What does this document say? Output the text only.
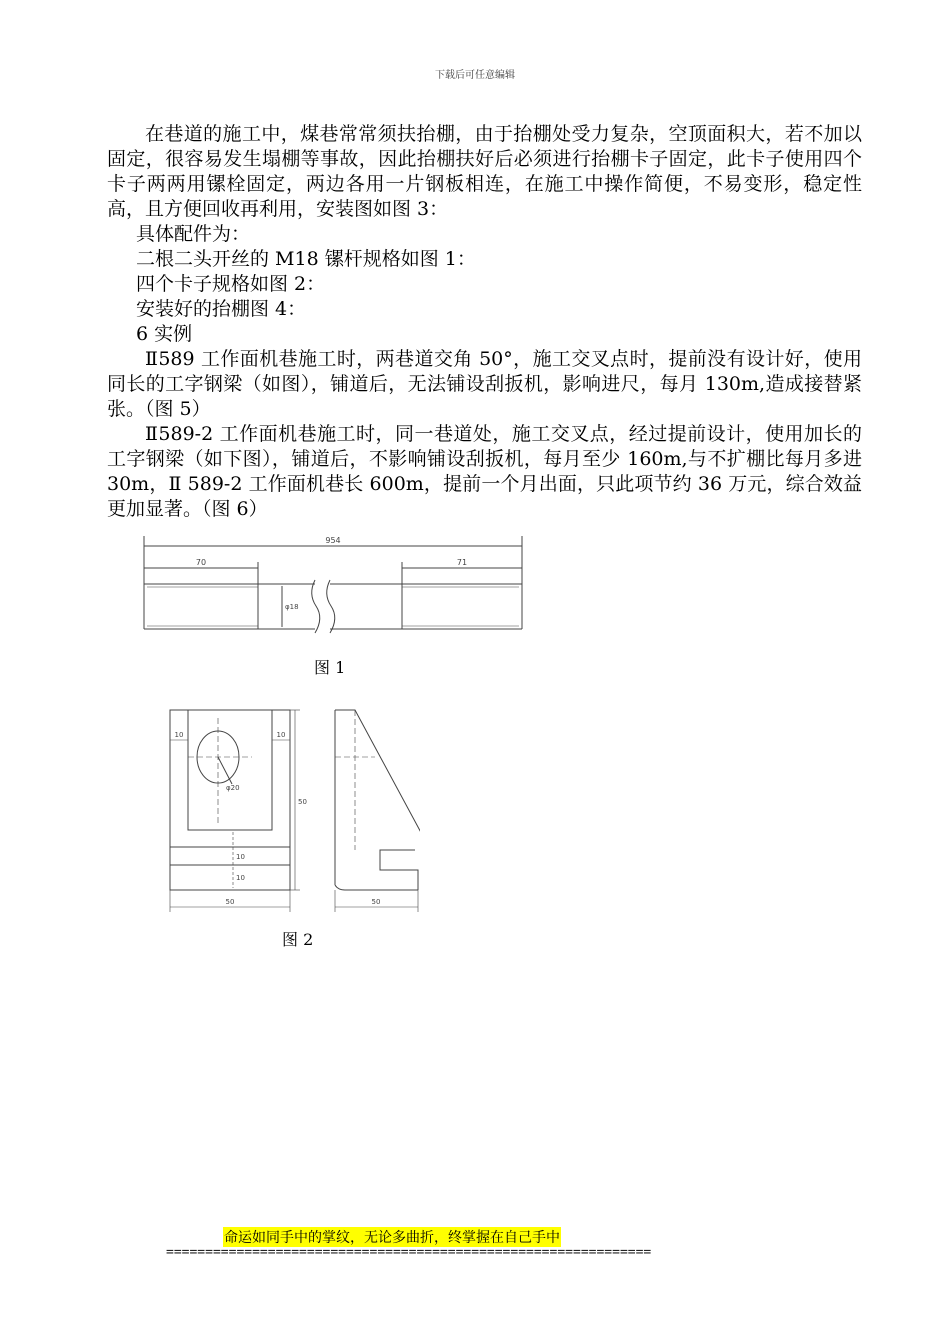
下载后可任意编辑

在巷道的施工中，煤巷常常须扶抬棚，由于抬棚处受力复杂，空顶面积大，若不加以固定，很容易发生塌棚等事故，因此抬棚扶好后必须进行抬棚卡子固定，此卡子使用四个卡子两两用镙栓固定，两边各用一片钢板相连，在施工中操作简便，不易变形，稳定性高，且方便回收再利用，安装图如图 3：

具体配件为：

二根二头开丝的 M18 镙杆规格如图 1：

四个卡子规格如图 2：

安装好的抬棚图 4：

6 实例

Ⅱ589 工作面机巷施工时，两巷道交角 50°，施工交叉点时，提前没有设计好，使用同长的工字钢梁（如图），铺道后，无法铺设刮扳机，影响进尺，每月 130m,造成接替紧张。（图 5）

Ⅱ589-2 工作面机巷施工时，同一巷道处，施工交叉点，经过提前设计，使用加长的工字钢梁（如下图），铺道后，不影响铺设刮扳机，每月至少 160m,与不扩棚比每月多进 30m，Ⅱ 589-2 工作面机巷长 600m，提前一个月出面，只此项节约 36 万元，综合效益更加显著。（图 6）

954
70	71
φ18
图 1
10	10
φ20
50
10
10
50	50
图 2
命运如同手中的掌纹，无论多曲折，终掌握在自己手中
==============================================================
